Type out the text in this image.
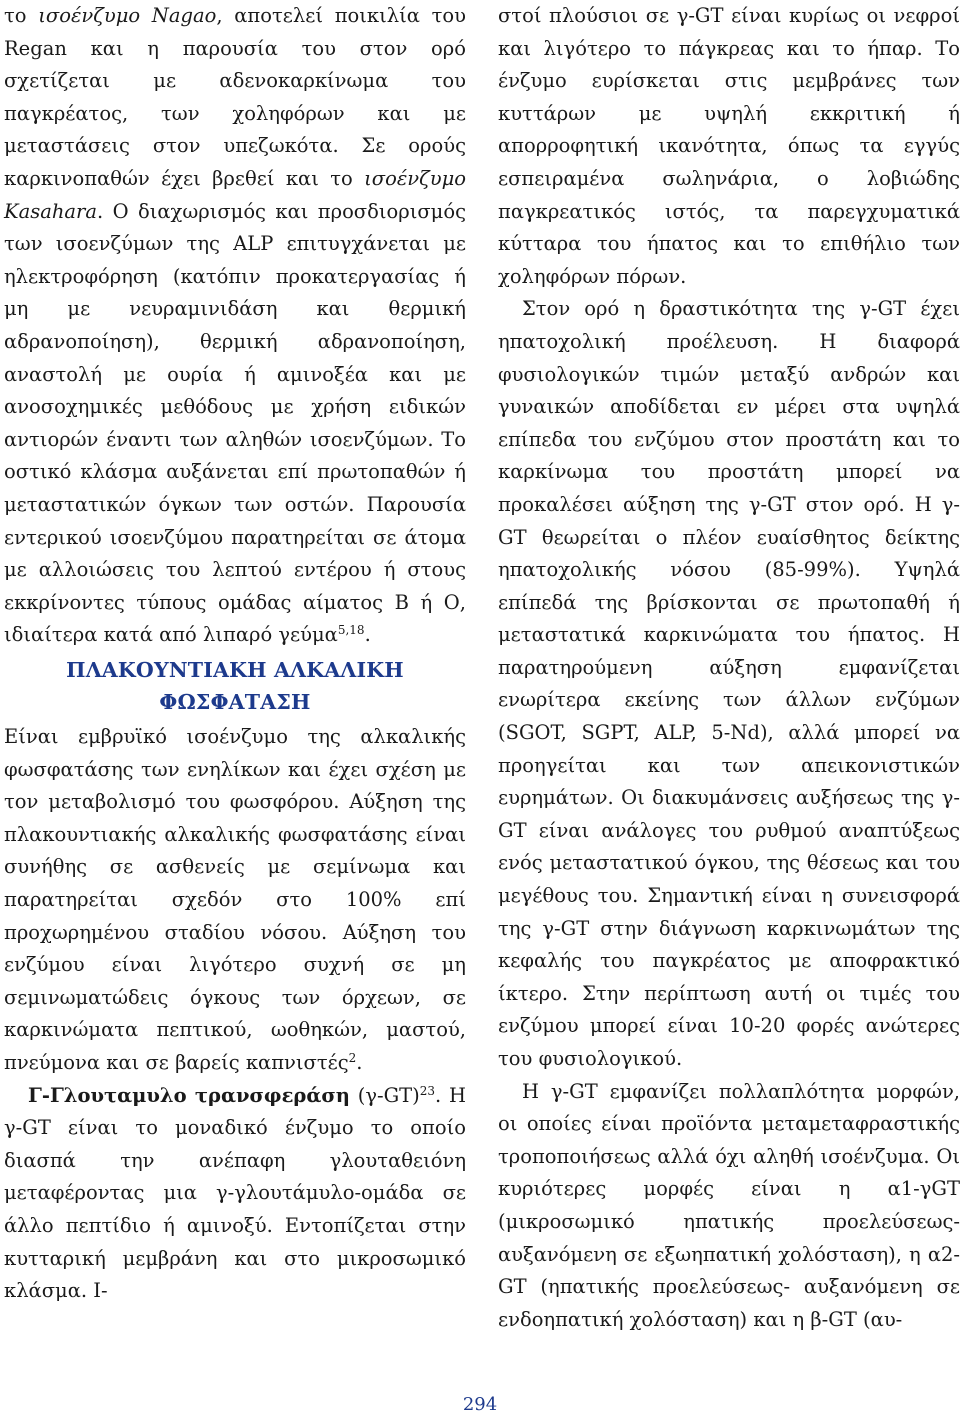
το ισοένζυμο Nagao, αποτελεί ποικιλία του Regan και η παρουσία του στον ορό σχετίζεται με αδενοκαρκίνωμα του παγκρέατος, των χοληφόρων και με μεταστάσεις στον υπεζωκότα. Σε ορούς καρκινοπαθών έχει βρεθεί και το ισοένζυμο Kasahara. Ο διαχωρισμός και προσδιορισμός των ισοενζύμων της ALP επιτυγχάνεται με ηλεκτροφόρηση (κατόπιν προκατεργασίας ή μη με νευραμινιδάση και θερμική αδρανοποίηση), θερμική αδρανοποίηση, αναστολή με ουρία ή αμινοξέα και με ανοσοχημικές μεθόδους με χρήση ειδικών αντιορών έναντι των αληθών ισοενζύμων. Το οστικό κλάσμα αυξάνεται επί πρωτοπαθών ή μεταστατικών όγκων των οστών. Παρουσία εντερικού ισοενζύμου παρατηρείται σε άτομα με αλλοιώσεις του λεπτού εντέρου ή στους εκκρίνοντες τύπους ομάδας αίματος Β ή Ο, ιδιαίτερα κατά από λιπαρό γεύμα$^{5,18}$.

ΠΛΑΚΟΥΝΤΙΑΚΗ ΑΛΚΑΛΙΚΗ
ΦΩΣΦΑΤΑΣΗ

Είναι εμβρυϊκό ισοένζυμο της αλκαλικής φωσφατάσης των ενηλίκων και έχει σχέση με τον μεταβολισμό του φωσφόρου. Αύξηση της πλακουντιακής αλκαλικής φωσφατάσης είναι συνήθης σε ασθενείς με σεμίνωμα και παρατηρείται σχεδόν στο 100% επί προχωρημένου σταδίου νόσου. Αύξηση του ενζύμου είναι λιγότερο συχνή σε μη σεμινωματώδεις όγκους των όρχεων, σε καρκινώματα πεπτικού, ωοθηκών, μαστού, πνεύμονα και σε βαρείς καπνιστές$^2$.

Γ-Γλουταμυλο τρανσφεράση $(\gamma-GT)^{23}$. Η γ-GT είναι το μοναδικό ένζυμο το οποίο διασπά την ανέπαφη γλουταθειόνη μεταφέροντας μια γ-γλουτάμυλο-ομάδα σε άλλο πεπτίδιο ή αμινοξύ. Εντοπίζεται στην κυτταρική μεμβράνη και στο μικροσωμικό κλάσμα. Ι-

στοί πλούσιοι σε γ-GT είναι κυρίως οι νεφροί και λιγότερο το πάγκρεας και το ήπαρ. Το ένζυμο ευρίσκεται στις μεμβράνες των κυττάρων με υψηλή εκκριτική ή απορροφητική ικανότητα, όπως τα εγγύς εσπειραμένα σωληνάρια, ο λοβιώδης παγκρεατικός ιστός, τα παρεγχυματικά κύτταρα του ήπατος και το επιθήλιο των χοληφόρων πόρων.

Στον ορό η δραστικότητα της γ-GT έχει ηπατοχολική προέλευση. Η διαφορά φυσιολογικών τιμών μεταξύ ανδρών και γυναικών αποδίδεται εν μέρει στα υψηλά επίπεδα του ενζύμου στον προστάτη και το καρκίνωμα του προστάτη μπορεί να προκαλέσει αύξηση της γ-GT στον ορό. Η γ-GT θεωρείται ο πλέον ευαίσθητος δείκτης ηπατοχολικής νόσου (85-99%). Υψηλά επίπεδά της βρίσκονται σε πρωτοπαθή ή μεταστατικά καρκινώματα του ήπατος. Η παρατηρούμενη αύξηση εμφανίζεται ενωρίτερα εκείνης των άλλων ενζύμων (SGOT, SGPT, ALP, 5-Nd), αλλά μπορεί να προηγείται και των απεικονιστικών ευρημάτων. Οι διακυμάνσεις αυξήσεως της γ-GT είναι ανάλογες του ρυθμού αναπτύξεως ενός μεταστατικού όγκου, της θέσεως και του μεγέθους του. Σημαντική είναι η συνεισφορά της γ-GT στην διάγνωση καρκινωμάτων της κεφαλής του παγκρέατος με αποφρακτικό ίκτερο. Στην περίπτωση αυτή οι τιμές του ενζύμου μπορεί είναι 10-20 φορές ανώτερες του φυσιολογικού.

Η γ-GT εμφανίζει πολλαπλότητα μορφών, οι οποίες είναι προϊόντα μεταμεταφραστικής τροποποιήσεως αλλά όχι αληθή ισοένζυμα. Οι κυριότερες μορφές είναι η α1-γGT (μικροσωμικό ηπατικής προελεύσεως-αυξανόμενη σε εξωηπατική χολόσταση), η α2-GT (ηπατικής προελεύσεως- αυξανόμενη σε ενδοηπατική χολόσταση) και η β-GT (αυ-

294
